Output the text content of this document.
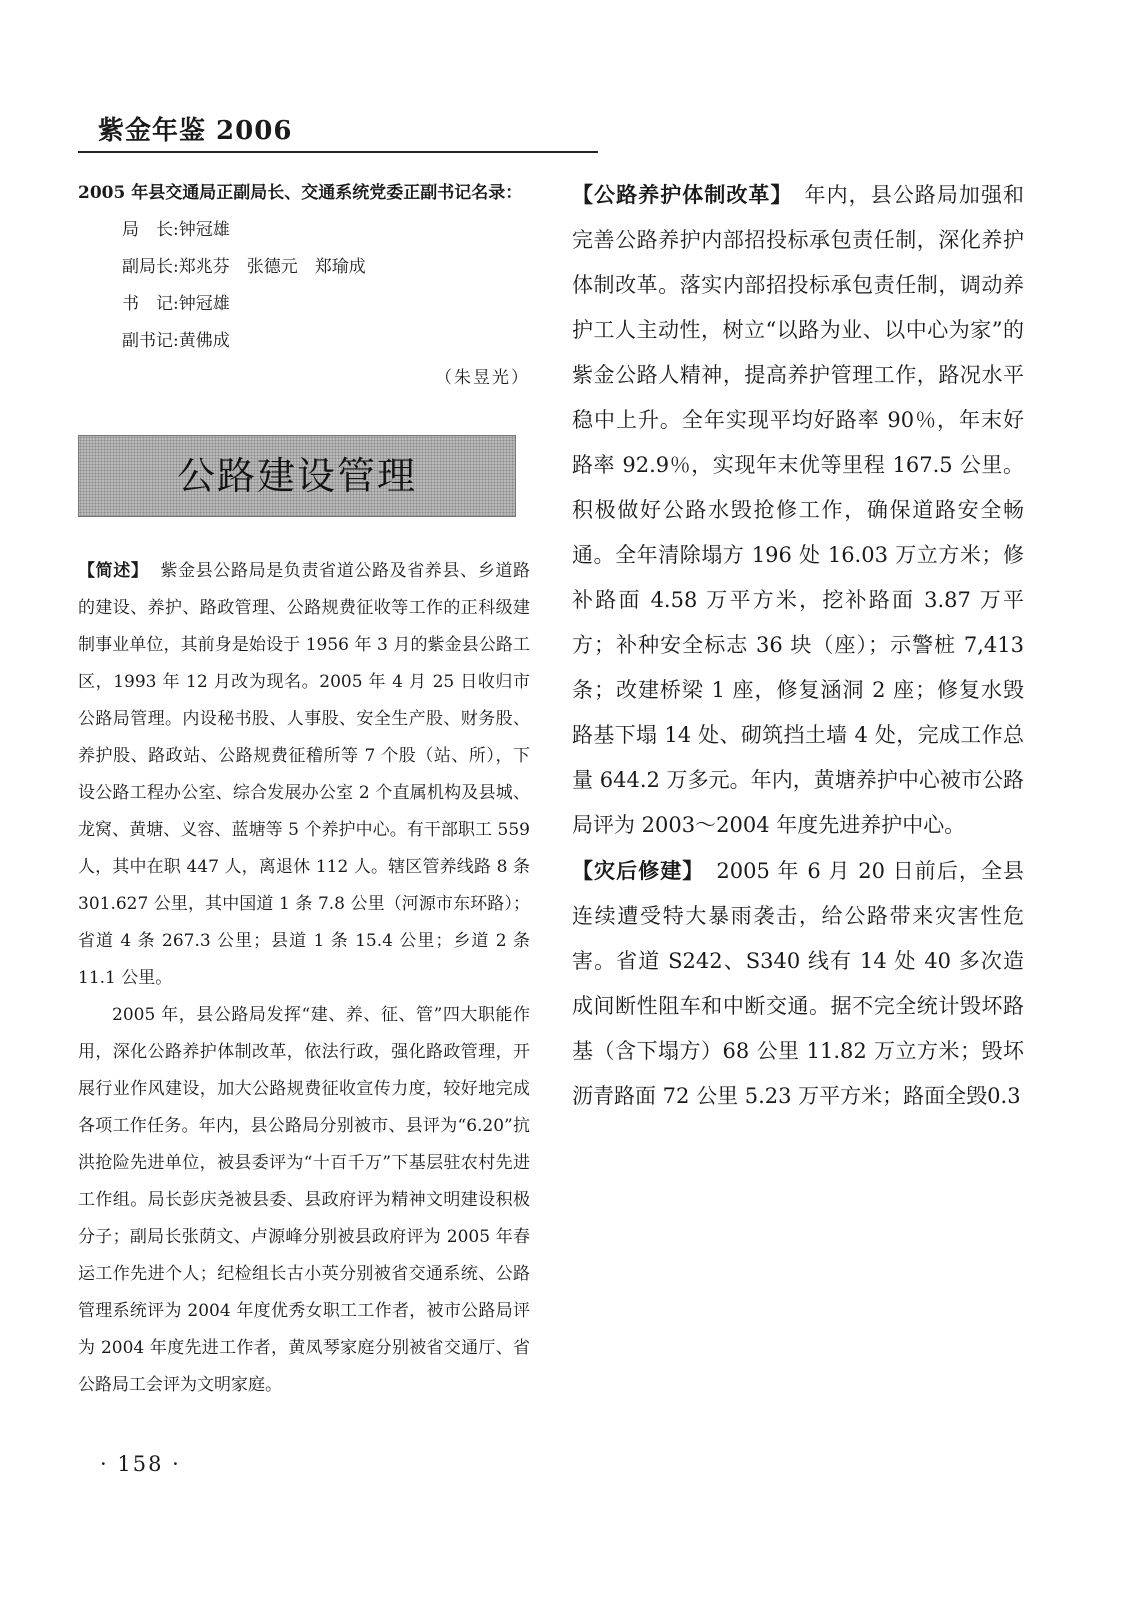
紫金年鉴 2006

2005 年县交通局正副局长、交通系统党委正副书记名录：

局　长:钟冠雄
副局长:郑兆芬　张德元　郑瑜成
书　记:钟冠雄
副书记:黄佛成

（朱昱光）

公路建设管理

【简述】 紫金县公路局是负责省道公路及省养县、乡道路的建设、养护、路政管理、公路规费征收等工作的正科级建制事业单位，其前身是始设于 1956 年 3 月的紫金县公路工区，1993 年 12 月改为现名。2005 年 4 月 25 日收归市公路局管理。内设秘书股、人事股、安全生产股、财务股、养护股、路政站、公路规费征稽所等 7 个股（站、所），下设公路工程办公室、综合发展办公室 2 个直属机构及县城、龙窝、黄塘、义容、蓝塘等 5 个养护中心。有干部职工 559 人，其中在职 447 人，离退休 112 人。辖区管养线路 8 条 301.627 公里，其中国道 1 条 7.8 公里（河源市东环路）；省道 4 条 267.3 公里；县道 1 条 15.4 公里；乡道 2 条 11.1 公里。

2005 年，县公路局发挥“建、养、征、管”四大职能作用，深化公路养护体制改革，依法行政，强化路政管理，开展行业作风建设，加大公路规费征收宣传力度，较好地完成各项工作任务。年内，县公路局分别被市、县评为“6.20”抗洪抢险先进单位，被县委评为“十百千万”下基层驻农村先进工作组。局长彭庆尧被县委、县政府评为精神文明建设积极分子；副局长张荫文、卢源峰分别被县政府评为 2005 年春运工作先进个人；纪检组长古小英分别被省交通系统、公路管理系统评为 2004 年度优秀女职工工作者，被市公路局评为 2004 年度先进工作者，黄凤琴家庭分别被省交通厅、省公路局工会评为文明家庭。

【公路养护体制改革】 年内，县公路局加强和完善公路养护内部招投标承包责任制，深化养护体制改革。落实内部招投标承包责任制，调动养护工人主动性，树立“以路为业、以中心为家”的紫金公路人精神，提高养护管理工作，路况水平稳中上升。全年实现平均好路率 90％，年末好路率 92.9％，实现年末优等里程 167.5 公里。积极做好公路水毁抢修工作，确保道路安全畅通。全年清除塌方 196 处 16.03 万立方米；修补路面 4.58 万平方米，挖补路面 3.87 万平方；补种安全标志 36 块（座）；示警桩 7,413 条；改建桥梁 1 座，修复涵洞 2 座；修复水毁路基下塌 14 处、砌筑挡土墙 4 处，完成工作总量 644.2 万多元。年内，黄塘养护中心被市公路局评为 2003～2004 年度先进养护中心。

【灾后修建】 2005 年 6 月 20 日前后，全县连续遭受特大暴雨袭击，给公路带来灾害性危害。省道 S242、S340 线有 14 处 40 多次造成间断性阻车和中断交通。据不完全统计毁坏路基（含下塌方）68 公里 11.82 万立方米；毁坏沥青路面 72 公里 5.23 万平方米；路面全毁0.3

· 158 ·
